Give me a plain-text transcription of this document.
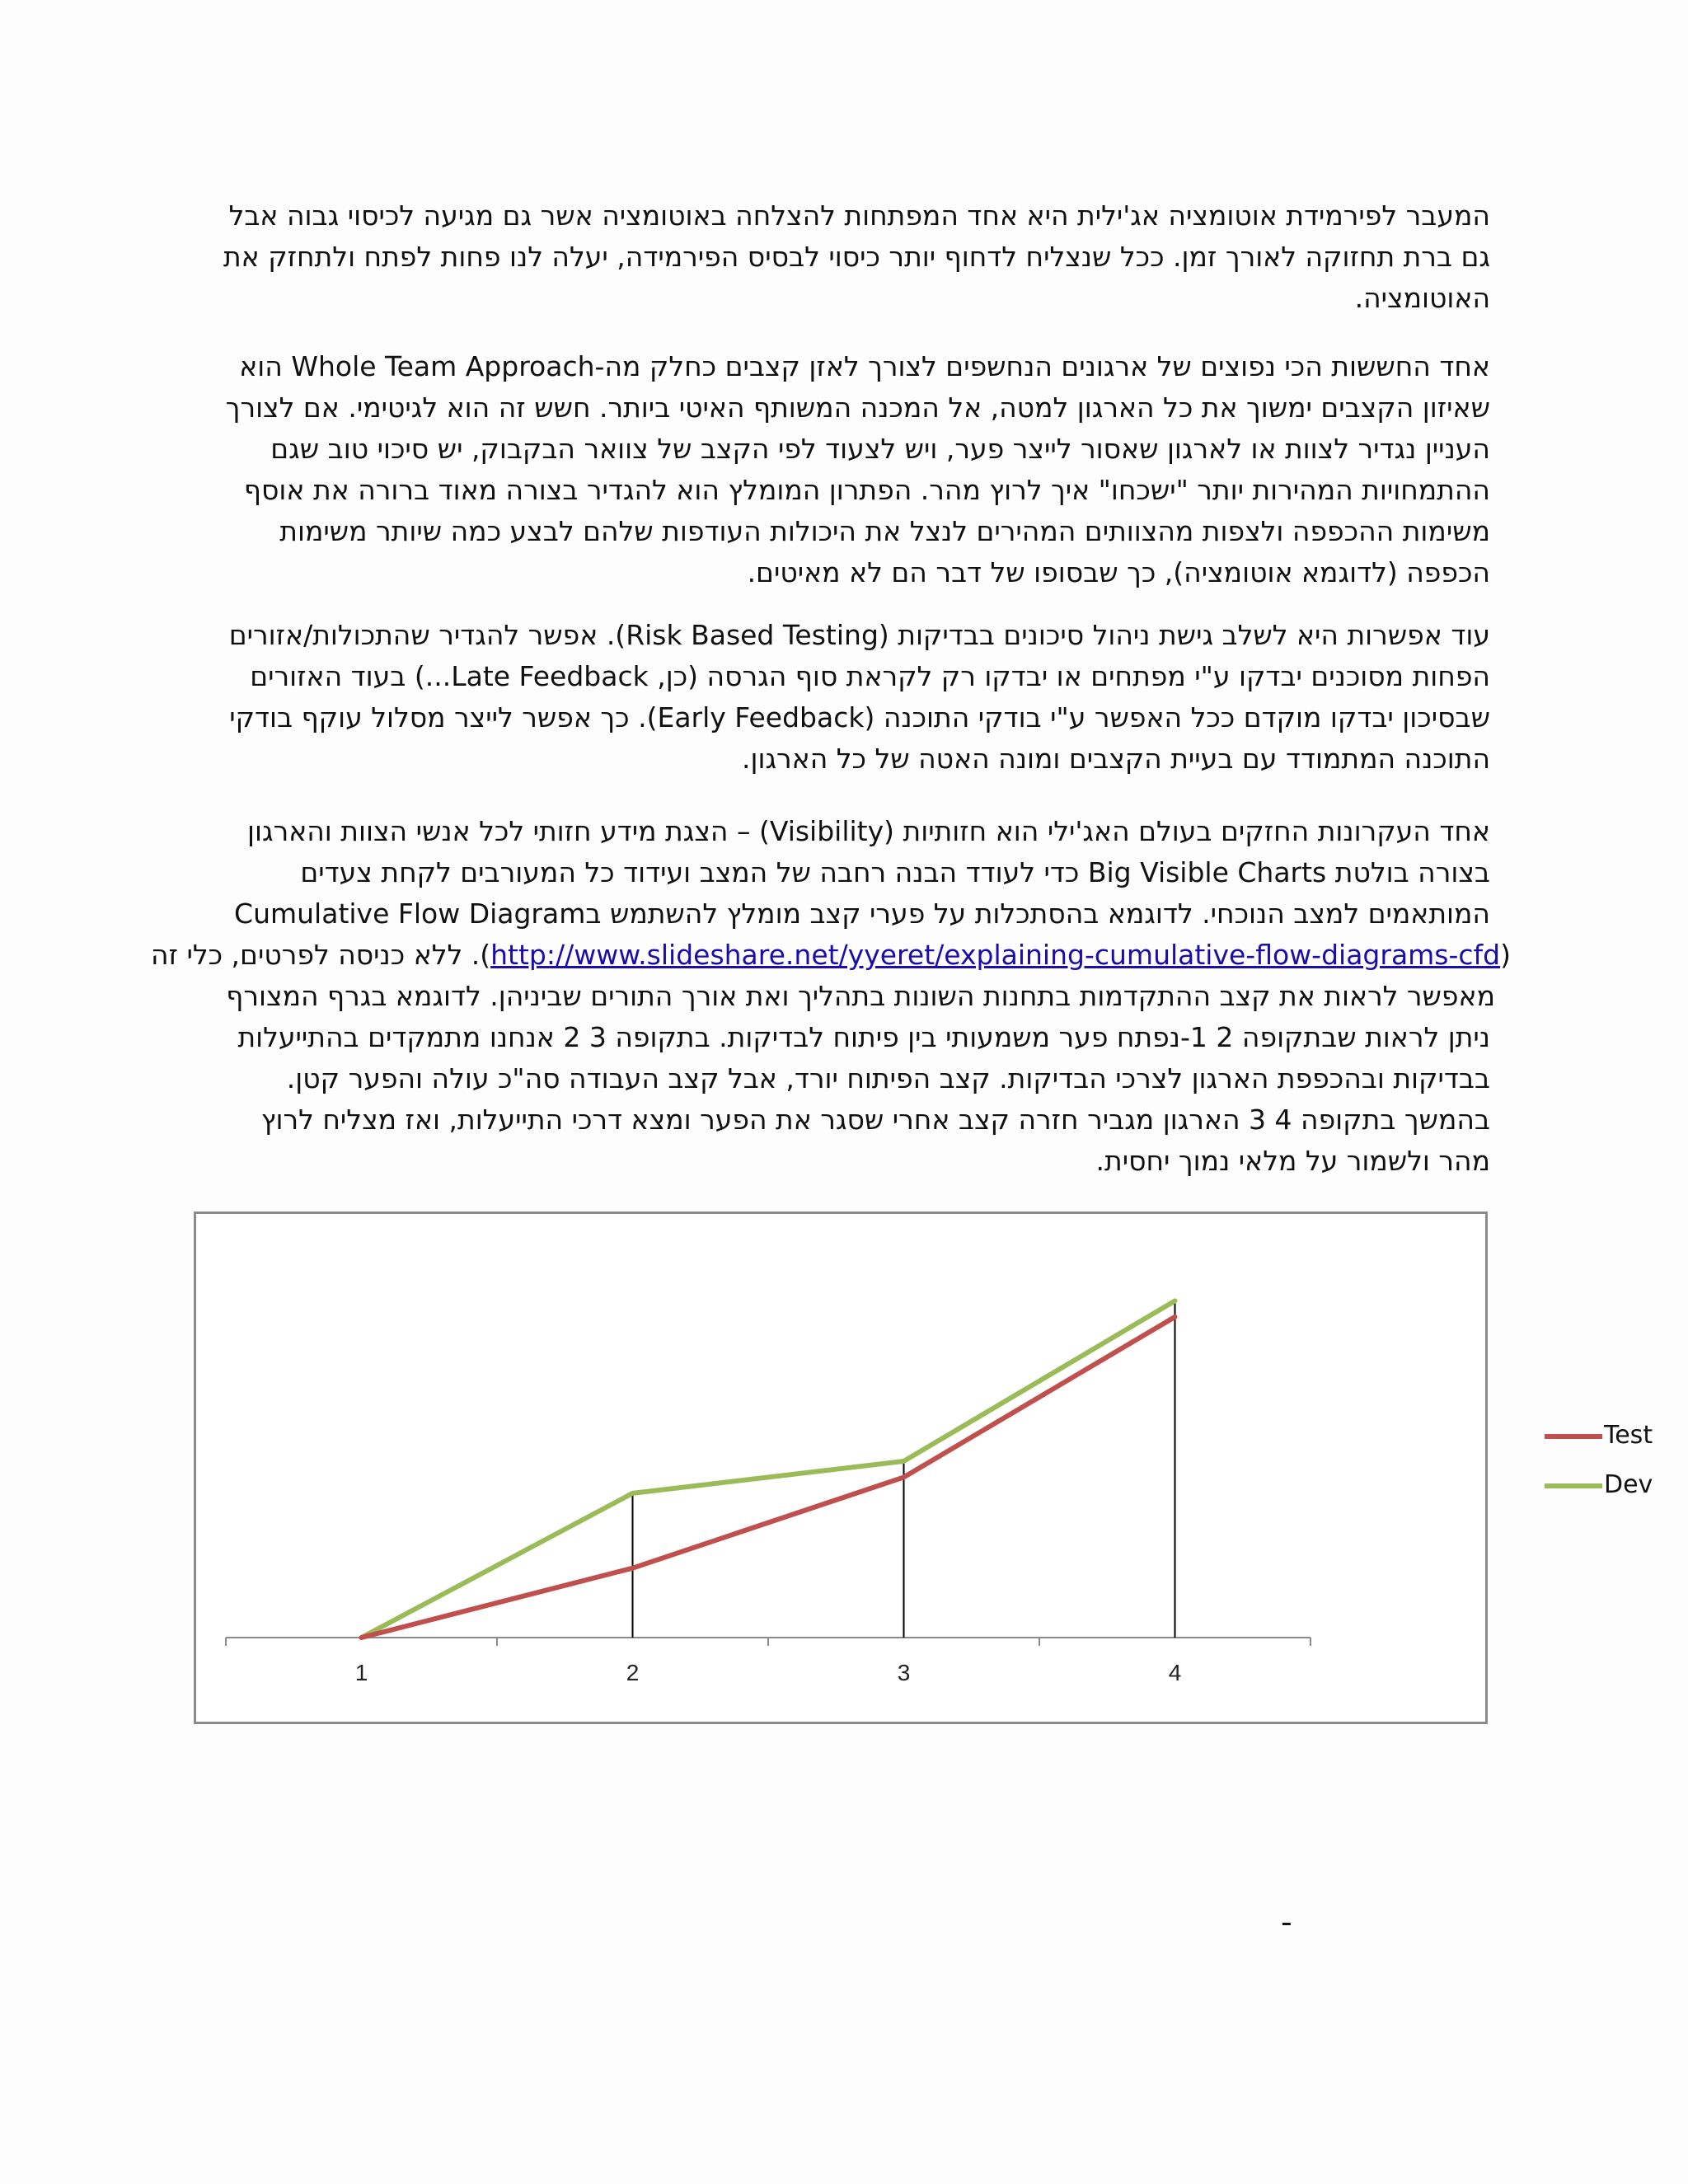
המעבר לפירמידת אוטומציה אג'ילית היא אחד המפתחות להצלחה באוטומציה אשר גם מגיעה לכיסוי גבוה אבל
גם ברת תחזוקה לאורך זמן. ככל שנצליח לדחוף יותר כיסוי לבסיס הפירמידה, יעלה לנו פחות לפתח ולתחזק את
האוטומציה.

אחד החששות הכי נפוצים של ארגונים הנחשפים לצורך לאזן קצבים כחלק מה-Whole Team Approach הוא
שאיזון הקצבים ימשוך את כל הארגון למטה, אל המכנה המשותף האיטי ביותר. חשש זה הוא לגיטימי. אם לצורך
העניין נגדיר לצוות או לארגון שאסור לייצר פער, ויש לצעוד לפי הקצב של צוואר הבקבוק, יש סיכוי טוב שגם
ההתמחויות המהירות יותר "ישכחו" איך לרוץ מהר. הפתרון המומלץ הוא להגדיר בצורה מאוד ברורה את אוסף
משימות ההכפפה ולצפות מהצוותים המהירים לנצל את היכולות העודפות שלהם לבצע כמה שיותר משימות
הכפפה (לדוגמא אוטומציה), כך שבסופו של דבר הם לא מאיטים.

עוד אפשרות היא לשלב גישת ניהול סיכונים בבדיקות (Risk Based Testing). אפשר להגדיר שהתכולות/אזורים
הפחות מסוכנים יבדקו ע"י מפתחים או יבדקו רק לקראת סוף הגרסה (כן, Late Feedback...) בעוד האזורים
שבסיכון יבדקו מוקדם ככל האפשר ע"י בודקי התוכנה (Early Feedback). כך אפשר לייצר מסלול עוקף בודקי
התוכנה המתמודד עם בעיית הקצבים ומונה האטה של כל הארגון.

אחד העקרונות החזקים בעולם האג'ילי הוא חזותיות (Visibility) – הצגת מידע חזותי לכל אנשי הצוות והארגון
בצורה בולטת Big Visible Charts כדי לעודד הבנה רחבה של המצב ועידוד כל המעורבים לקחת צעדים
המותאמים למצב הנוכחי. לדוגמא בהסתכלות על פערי קצב מומלץ להשתמש בCumulative Flow Diagram
(http://www.slideshare.net/yyeret/explaining-cumulative-flow-diagrams-cfd). ללא כניסה לפרטים, כלי זה
מאפשר לראות את קצב ההתקדמות בתחנות השונות בתהליך ואת אורך התורים שביניהן. לדוגמא בגרף המצורף
ניתן לראות שבתקופה 2 1-נפתח פער משמעותי בין פיתוח לבדיקות. בתקופה 3 2 אנחנו מתמקדים בהתייעלות
בבדיקות ובהכפפת הארגון לצרכי הבדיקות. קצב הפיתוח יורד, אבל קצב העבודה סה"כ עולה והפער קטן.
בהמשך בתקופה 4 3 הארגון מגביר חזרה קצב אחרי שסגר את הפער ומצא דרכי התייעלות, ואז מצליח לרוץ
מהר ולשמור על מלאי נמוך יחסית.

1	2	3	4
Test
Dev
-
